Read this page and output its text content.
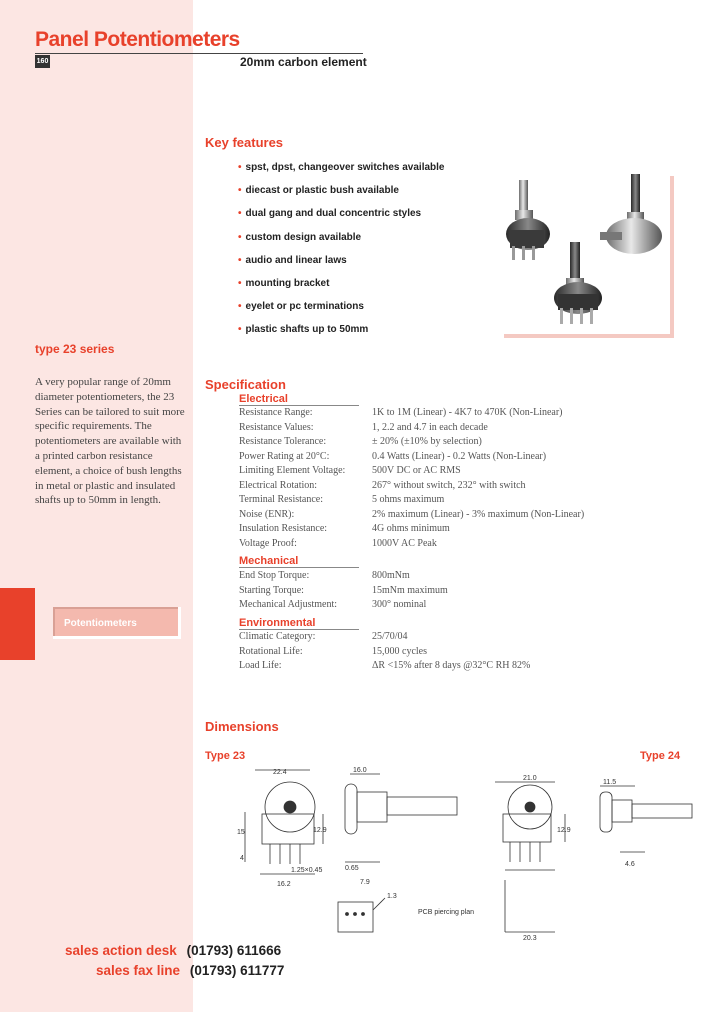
Panel Potentiometers
160	20mm carbon element
Key features
• spst, dpst, changeover switches available
• diecast or plastic bush available
• dual gang and dual concentric styles
• custom design available
• audio and linear laws
• mounting bracket
• eyelet or pc terminations
• plastic shafts up to 50mm
type 23 series

A very popular range of 20mm diameter potentiometers, the 23 Series can be tailored to suit more specific requirements. The potentiometers are available with a printed carbon resistance element, a choice of bush lengths in metal or plastic and insulated shafts up to 50mm in length.

Potentiometers
Specification
Electrical
Resistance Range:	1K to 1M (Linear) - 4K7 to 470K (Non-Linear)
Resistance Values:	1, 2.2 and 4.7 in each decade
Resistance Tolerance:	± 20% (±10% by selection)
Power Rating at 20°C:	0.4 Watts (Linear) - 0.2 Watts (Non-Linear)
Limiting Element Voltage:	500V DC or AC RMS
Electrical Rotation:	267° without switch, 232° with switch
Terminal Resistance:	5 ohms maximum
Noise (ENR):	2% maximum (Linear) - 3% maximum (Non-Linear)
Insulation Resistance:	4G ohms minimum
Voltage Proof:	1000V AC Peak
Mechanical
End Stop Torque:	800mNm
Starting Torque:	15mNm maximum
Mechanical Adjustment:	300° nominal
Environmental
Climatic Category:	25/70/04
Rotational Life:	15,000 cycles
Load Life:	ΔR <15% after 8 days @32°C RH 82%
Dimensions
Type 23	Type 24
22.4
15	12.9
4
1.25×0.45
16.2
16.0
0.65
7.9
1.3
PCB piercing plan
21.0
12.9
20.3
11.5
4.6
sales action desk (01793) 611666
sales fax line (01793) 611777
